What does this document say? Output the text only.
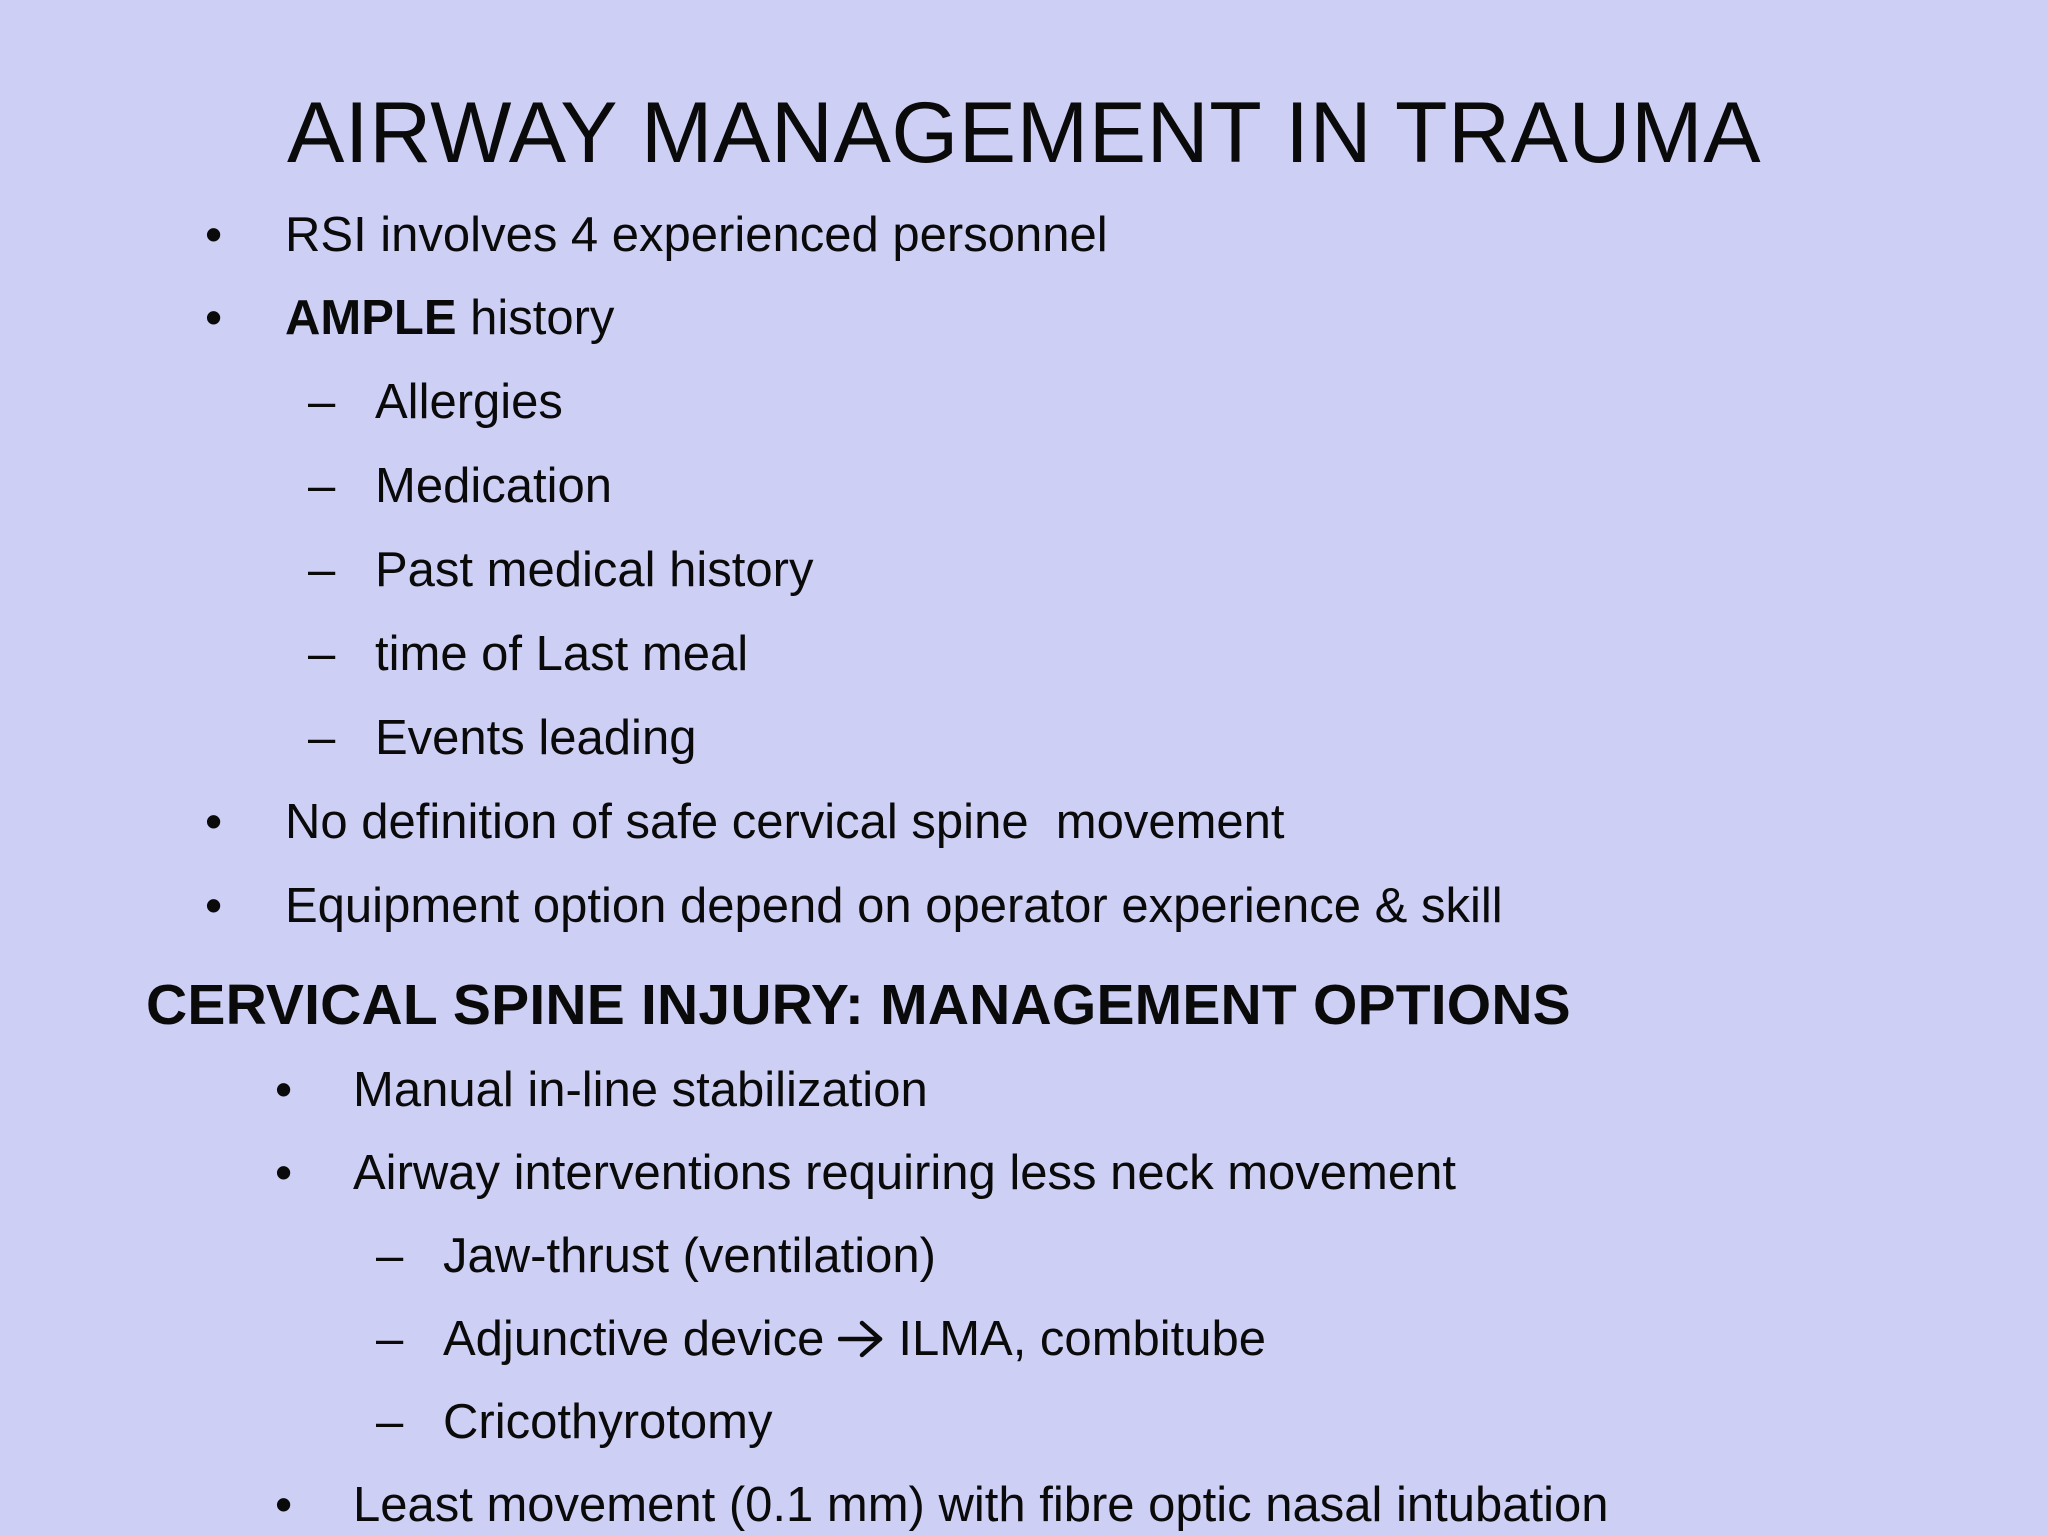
AIRWAY MANAGEMENT IN TRAUMA
• RSI involves 4 experienced personnel
• AMPLE history
– Allergies
– Medication
– Past medical history
– time of Last meal
– Events leading
• No definition of safe cervical spine  movement
• Equipment option depend on operator experience & skill
CERVICAL SPINE INJURY: MANAGEMENT OPTIONS
• Manual in-line stabilization
• Airway interventions requiring less neck movement
– Jaw-thrust (ventilation)
– Adjunctive device ILMA, combitube
– Cricothyrotomy
• Least movement (0.1 mm) with fibre optic nasal intubation
